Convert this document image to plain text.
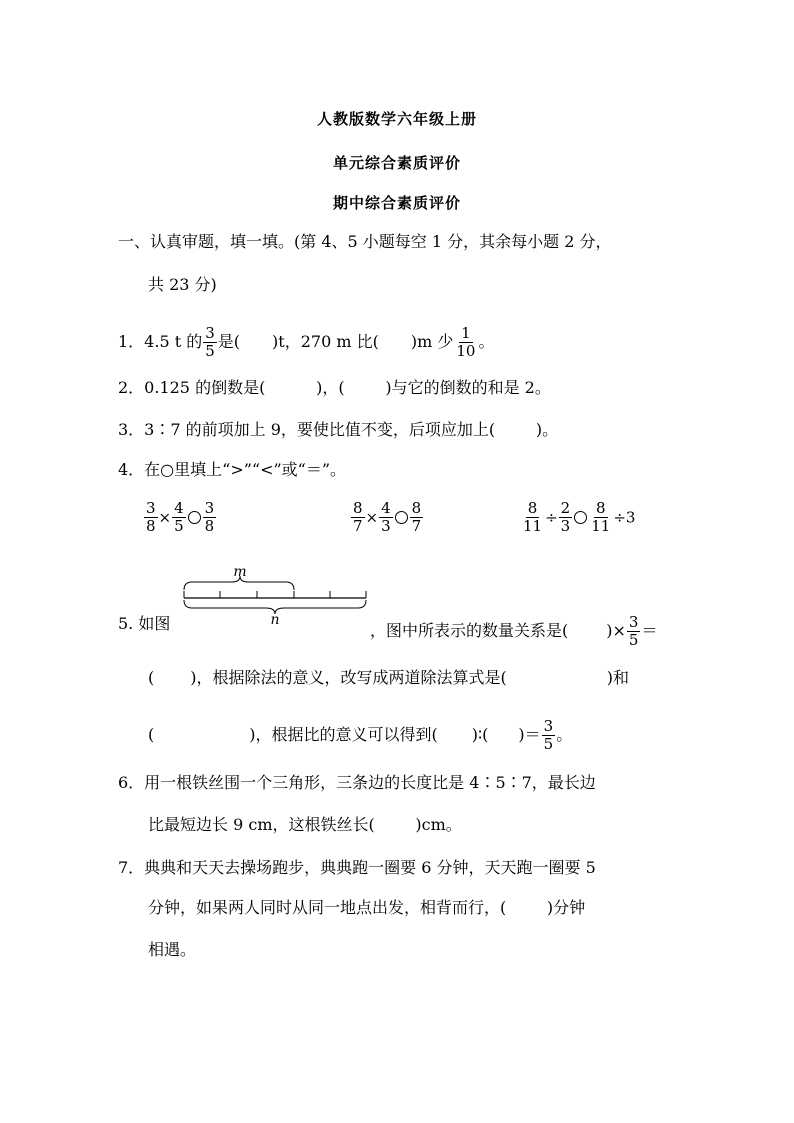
人教版数学六年级上册
单元综合素质评价
期中综合素质评价
一、认真审题，填一填。(第 4、5 小题每空 1 分，其余每小题 2 分，
共 23 分)
1．4.5 t 的 $\frac{3}{5}$ 是( )t，270 m 比( )m 少 $\frac{1}{10}$ 。
2．0.125 的倒数是(          )，(        )与它的倒数的和是 2。
3．3∶7 的前项加上 9，要使比值不变，后项应加上(        )。
4．在○里填上“>”“<”或“＝”。
$\frac{3}{8} \times \frac{4}{5} \frac{3}{8}$	$\frac{8}{7} \times \frac{4}{3} \frac{8}{7}$	$\frac{8}{11} \div \frac{2}{3} \frac{8}{11} \div 3$
m
n
5. 如图	，图中所表示的数量关系是( )× $\frac{3}{5}$ ＝
( )，根据除法的意义，改写成两道除法算式是(	)和
(	)，根据比的意义可以得到( )∶( )＝ $\frac{3}{5}$ 。
6．用一根铁丝围一个三角形，三条边的长度比是 4∶5∶7，最长边
比最短边长 9 cm，这根铁丝长(        )cm。
7．典典和天天去操场跑步，典典跑一圈要 6 分钟，天天跑一圈要 5
分钟，如果两人同时从同一地点出发，相背而行，(        )分钟
相遇。
